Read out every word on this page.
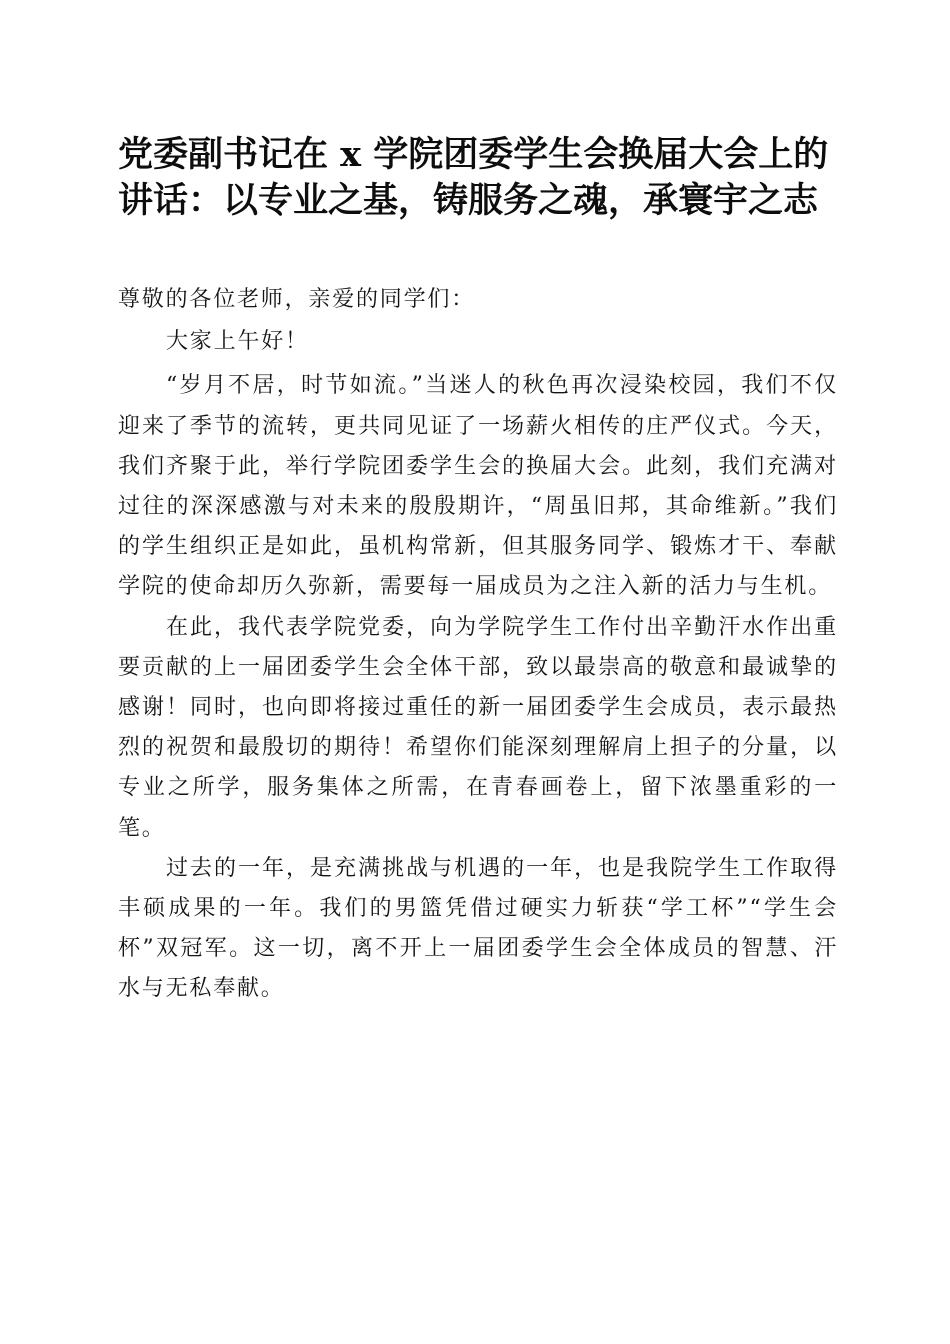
党委副书记在 x 学院团委学生会换届大会上的
讲话：以专业之基，铸服务之魂，承寰宇之志

尊敬的各位老师，亲爱的同学们：

大家上午好！

“岁月不居，时节如流。”当迷人的秋色再次浸染校园，我们不仅迎来了季节的流转，更共同见证了一场薪火相传的庄严仪式。今天，我们齐聚于此，举行学院团委学生会的换届大会。此刻，我们充满对过往的深深感激与对未来的殷殷期许，“周虽旧邦，其命维新。”我们的学生组织正是如此，虽机构常新，但其服务同学、锻炼才干、奉献学院的使命却历久弥新，需要每一届成员为之注入新的活力与生机。

在此，我代表学院党委，向为学院学生工作付出辛勤汗水作出重要贡献的上一届团委学生会全体干部，致以最崇高的敬意和最诚挚的感谢！同时，也向即将接过重任的新一届团委学生会成员，表示最热烈的祝贺和最殷切的期待！希望你们能深刻理解肩上担子的分量，以专业之所学，服务集体之所需，在青春画卷上，留下浓墨重彩的一笔。

过去的一年，是充满挑战与机遇的一年，也是我院学生工作取得丰硕成果的一年。我们的男篮凭借过硬实力斩获“学工杯”“学生会杯”双冠军。这一切，离不开上一届团委学生会全体成员的智慧、汗水与无私奉献。
